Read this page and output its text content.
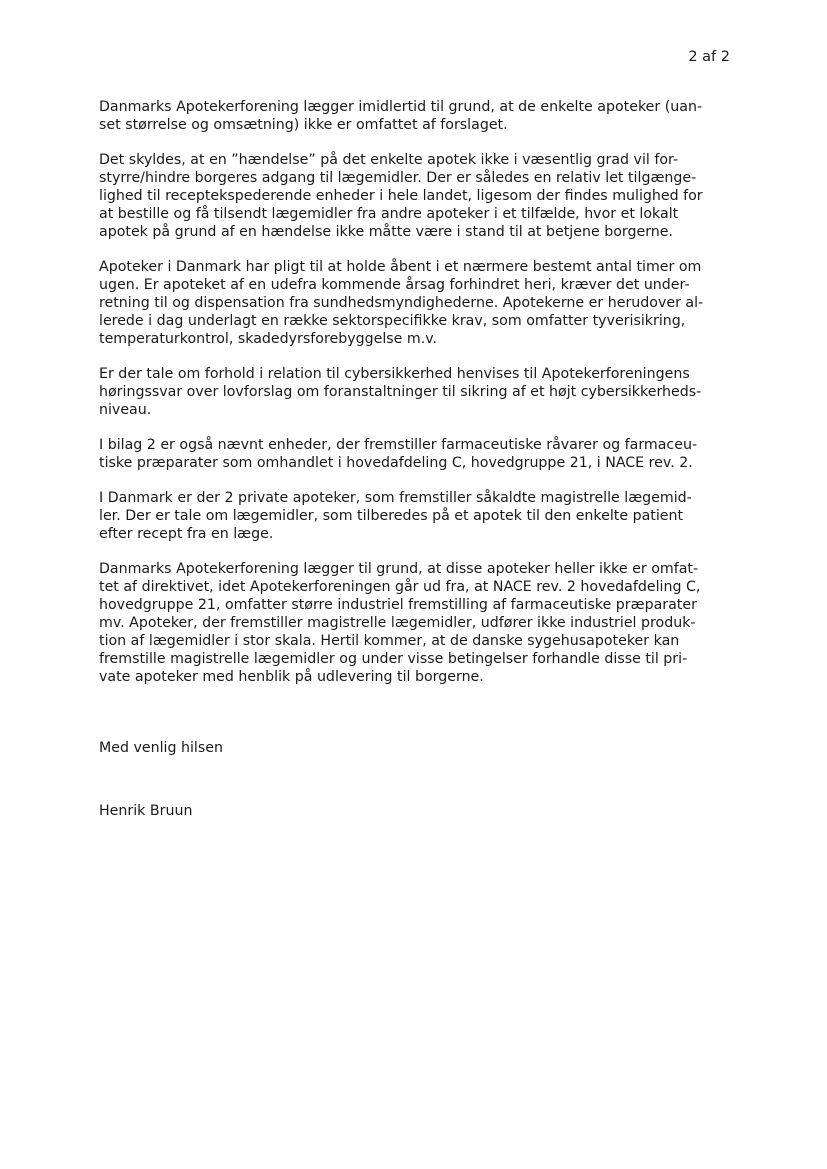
2 af 2

Danmarks Apotekerforening lægger imidlertid til grund, at de enkelte apoteker (uan-
set størrelse og omsætning) ikke er omfattet af forslaget.

Det skyldes, at en ”hændelse” på det enkelte apotek ikke i væsentlig grad vil for-
styrre/hindre borgeres adgang til lægemidler. Der er således en relativ let tilgænge-
lighed til receptekspederende enheder i hele landet, ligesom der findes mulighed for
at bestille og få tilsendt lægemidler fra andre apoteker i et tilfælde, hvor et lokalt
apotek på grund af en hændelse ikke måtte være i stand til at betjene borgerne.

Apoteker i Danmark har pligt til at holde åbent i et nærmere bestemt antal timer om
ugen. Er apoteket af en udefra kommende årsag forhindret heri, kræver det under-
retning til og dispensation fra sundhedsmyndighederne. Apotekerne er herudover al-
lerede i dag underlagt en række sektorspecifikke krav, som omfatter tyverisikring,
temperaturkontrol, skadedyrsforebyggelse m.v.

Er der tale om forhold i relation til cybersikkerhed henvises til Apotekerforeningens
høringssvar over lovforslag om foranstaltninger til sikring af et højt cybersikkerheds-
niveau.

I bilag 2 er også nævnt enheder, der fremstiller farmaceutiske råvarer og farmaceu-
tiske præparater som omhandlet i hovedafdeling C, hovedgruppe 21, i NACE rev. 2.

I Danmark er der 2 private apoteker, som fremstiller såkaldte magistrelle lægemid-
ler. Der er tale om lægemidler, som tilberedes på et apotek til den enkelte patient
efter recept fra en læge.

Danmarks Apotekerforening lægger til grund, at disse apoteker heller ikke er omfat-
tet af direktivet, idet Apotekerforeningen går ud fra, at NACE rev. 2 hovedafdeling C,
hovedgruppe 21, omfatter større industriel fremstilling af farmaceutiske præparater
mv. Apoteker, der fremstiller magistrelle lægemidler, udfører ikke industriel produk-
tion af lægemidler i stor skala. Hertil kommer, at de danske sygehusapoteker kan
fremstille magistrelle lægemidler og under visse betingelser forhandle disse til pri-
vate apoteker med henblik på udlevering til borgerne.

Med venlig hilsen
Henrik Bruun
